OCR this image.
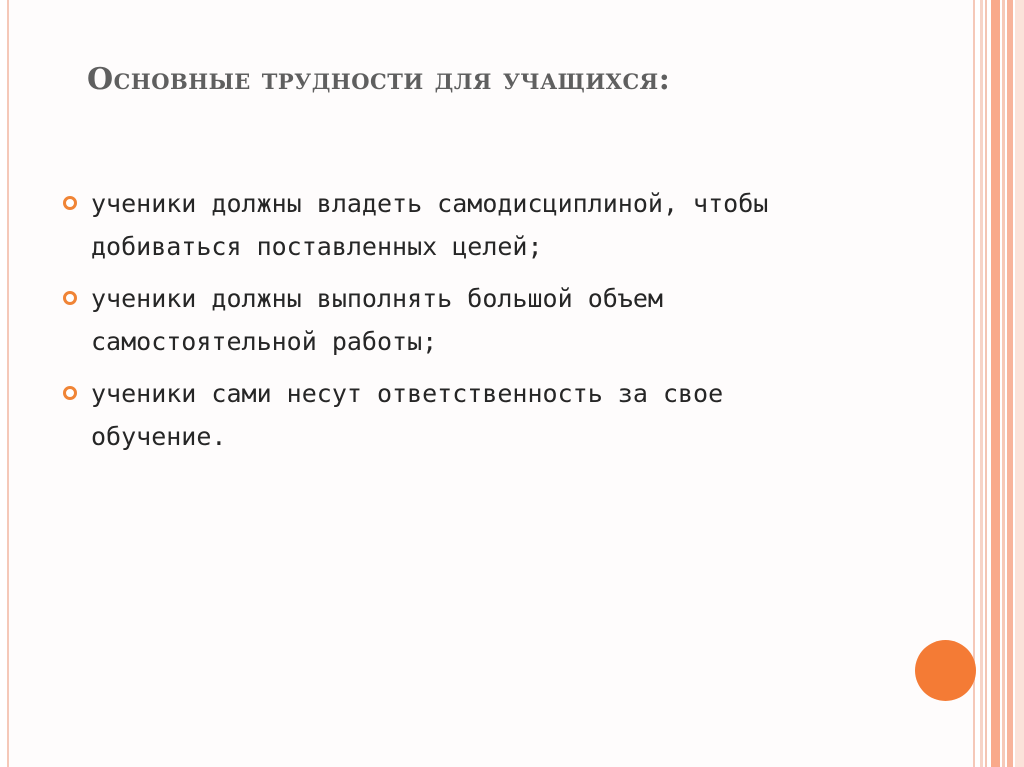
Основные трудности для учащихся:
ученики должны владеть самодисциплиной, чтобы добиваться поставленных целей;
ученики должны выполнять большой объем самостоятельной работы;
ученики сами несут ответственность за свое обучение.
